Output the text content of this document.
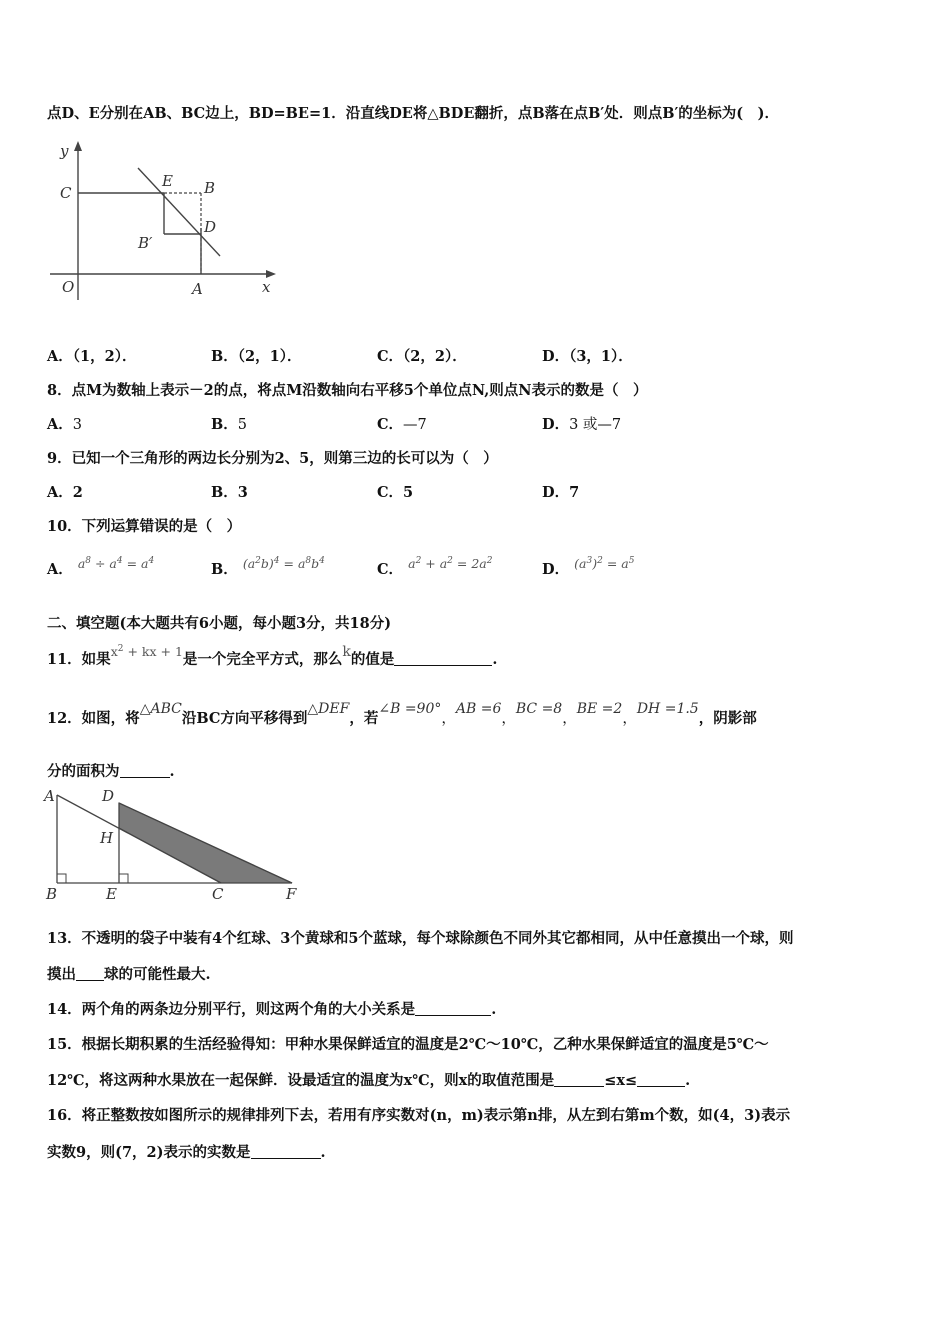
点D、E分别在AB、BC边上，BD=BE=1．沿直线DE将△BDE翻折，点B落在点B′处．则点B′的坐标为(　)．
y
x
O	A
C
E B
D
B′
A．（1，2）．	B．（2，1）．	C．（2，2）．	D．（3，1）．
8．点M为数轴上表示－2的点，将点M沿数轴向右平移5个单位点N,则点N表示的数是（　）
A．3	B．5	C．—7	D．3 或—7
9．已知一个三角形的两边长分别为2、5，则第三边的长可以为（　）
A．2	B．3	C．5	D．7
10．下列运算错误的是（　）
A． $a^8 \div a^4 = a^4$
B． $(a^2b)^4 = a^8b^4$
C． $a^2 + a^2 = 2a^2$
D． $(a^3)^2 = a^5$
二、填空题(本大题共有6小题，每小题3分，共18分)
11．如果$x^2$ + kx + 1是一个完全平方式，那么k的值是	.
12．如图，将△ABC沿BC方向平移得到△DEF，若∠B =90°，AB =6，BC =8，BE =2，DH =1.5，阴影部
分的面积为	.
A	D
H
B	E	C	F
13．不透明的袋子中装有4个红球、3个黄球和5个蓝球，每个球除颜色不同外其它都相同，从中任意摸出一个球，则
摸出 球的可能性最大.
14．两个角的两条边分别平行，则这两个角的大小关系是	.
15．根据长期积累的生活经验得知：甲种水果保鲜适宜的温度是2℃～10℃，乙种水果保鲜适宜的温度是5℃～
12℃，将这两种水果放在一起保鲜．设最适宜的温度为x℃，则x的取值范围是	≤x≤	.
16．将正整数按如图所示的规律排列下去，若用有序实数对(n，m)表示第n排，从左到右第m个数，如(4，3)表示
实数9，则(7，2)表示的实数是	.
